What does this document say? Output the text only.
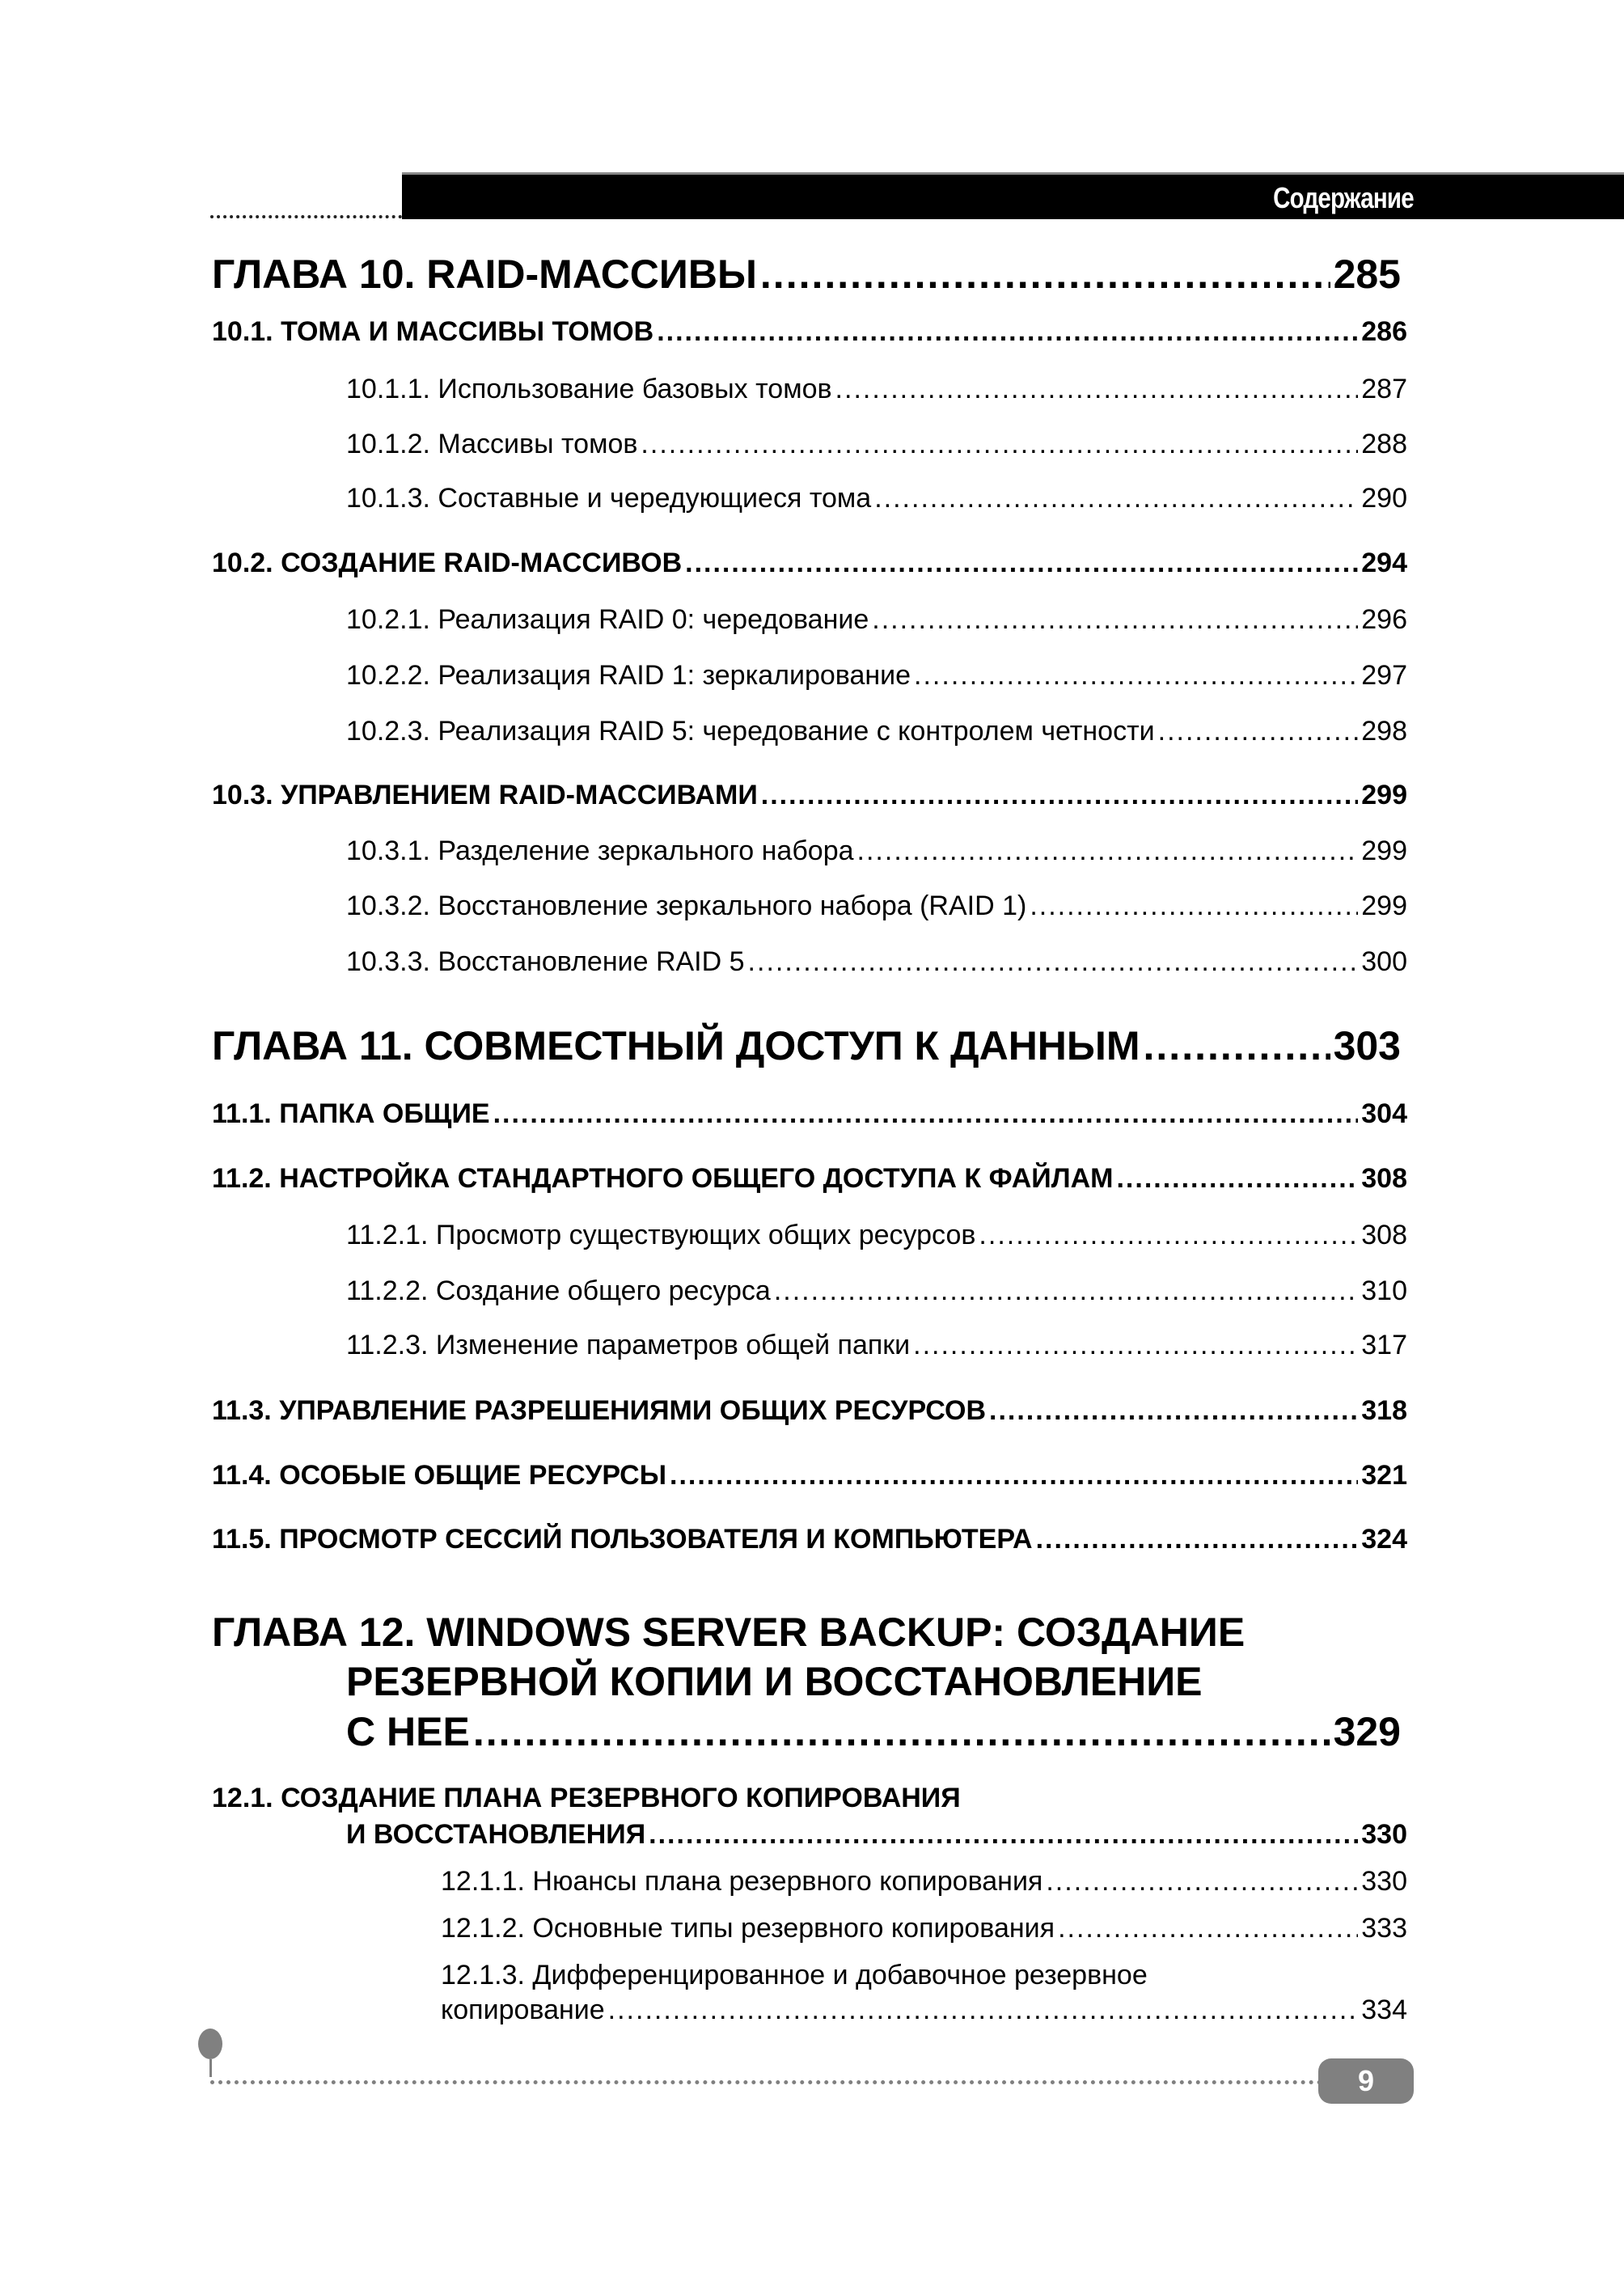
Содержание
ГЛАВА 10. RAID-МАССИВЫ .....	285
10.1. ТОМА И МАССИВЫ ТОМОВ .....	286
10.1.1. Использование базовых томов .....	287
10.1.2. Массивы томов .....	288
10.1.3. Составные и чередующиеся тома .....	290
10.2. СОЗДАНИЕ RAID-МАССИВОВ .....	294
10.2.1. Реализация RAID 0: чередование .....	296
10.2.2. Реализация RAID 1: зеркалирование .....	297
10.2.3. Реализация RAID 5: чередование с контролем четности .....	298
10.3. УПРАВЛЕНИЕМ RAID-МАССИВАМИ .....	299
10.3.1. Разделение зеркального набора .....	299
10.3.2. Восстановление зеркального набора (RAID 1) .....	299
10.3.3. Восстановление RAID 5 .....	300
ГЛАВА 11. СОВМЕСТНЫЙ ДОСТУП К ДАННЫМ .....	303
11.1. ПАПКА ОБЩИЕ .....	304
11.2. НАСТРОЙКА СТАНДАРТНОГО ОБЩЕГО ДОСТУПА К ФАЙЛАМ .....	308
11.2.1. Просмотр существующих общих ресурсов .....	308
11.2.2. Создание общего ресурса .....	310
11.2.3. Изменение параметров общей папки .....	317
11.3. УПРАВЛЕНИЕ РАЗРЕШЕНИЯМИ ОБЩИХ РЕСУРСОВ .....	318
11.4. ОСОБЫЕ ОБЩИЕ РЕСУРСЫ .....	321
11.5. ПРОСМОТР СЕССИЙ ПОЛЬЗОВАТЕЛЯ И КОМПЬЮТЕРА .....	324
ГЛАВА 12. WINDOWS SERVER BACKUP: СОЗДАНИЕ
РЕЗЕРВНОЙ КОПИИ И ВОССТАНОВЛЕНИЕ
С НЕЕ .....	329
12.1. СОЗДАНИЕ ПЛАНА РЕЗЕРВНОГО КОПИРОВАНИЯ
И ВОССТАНОВЛЕНИЯ .....	330
12.1.1. Нюансы плана резервного копирования .....	330
12.1.2. Основные типы резервного копирования .....	333
12.1.3. Дифференцированное и добавочное резервное
копирование .....	334
9
